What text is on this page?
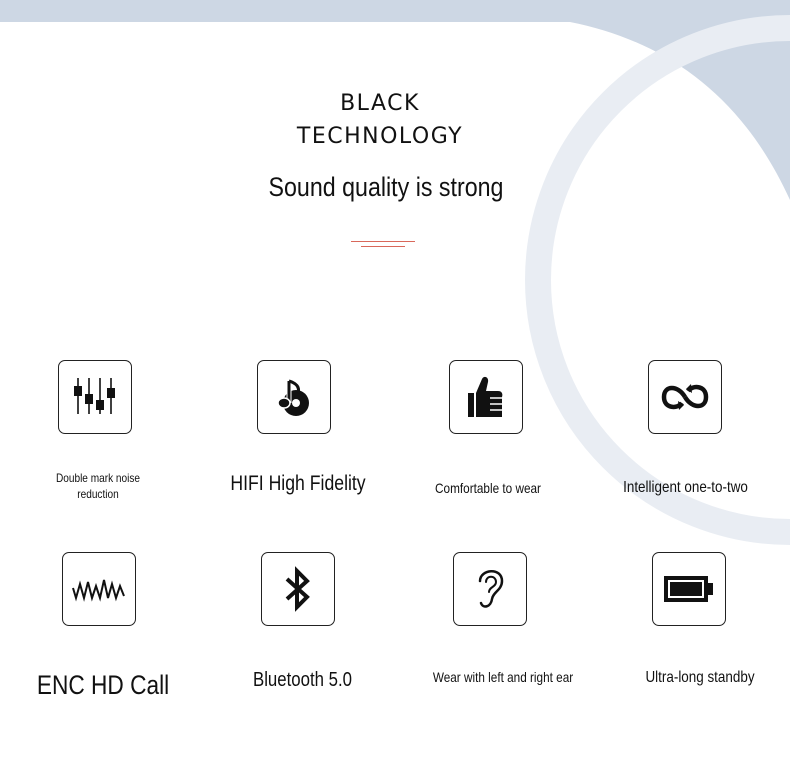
BLACK
TECHNOLOGY
Sound quality is strong
Double mark noise reduction	HIFI High Fidelity	Comfortable to wear	Intelligent one-to-two
ENC HD Call	Bluetooth 5.0	Wear with left and right ear	Ultra-long standby
